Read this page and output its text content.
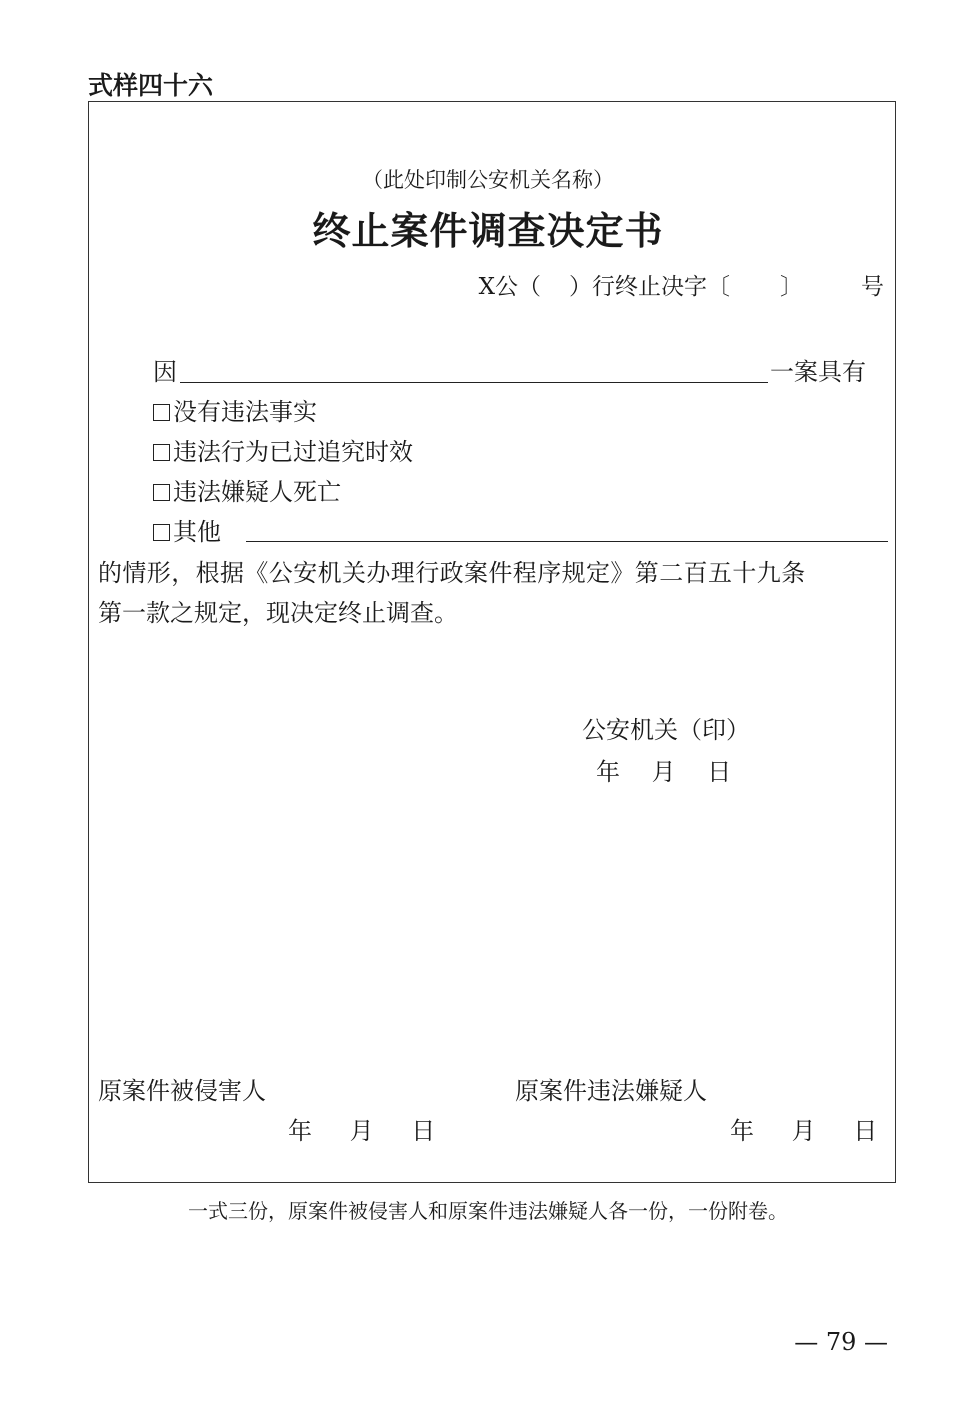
式样四十六
（此处印制公安机关名称）
终止案件调查决定书
X公（ ）行终止决字〔 〕	号
因	一案具有
没有违法事实
违法行为已过追究时效
违法嫌疑人死亡
其他
的情形，根据《公安机关办理行政案件程序规定》第二百五十九条
第一款之规定，现决定终止调查。
公安机关（印）
年 月 日
原案件被侵害人
年 月 日
原案件违法嫌疑人
年 月 日
一式三份，原案件被侵害人和原案件违法嫌疑人各一份，一份附卷。
— 79 —
